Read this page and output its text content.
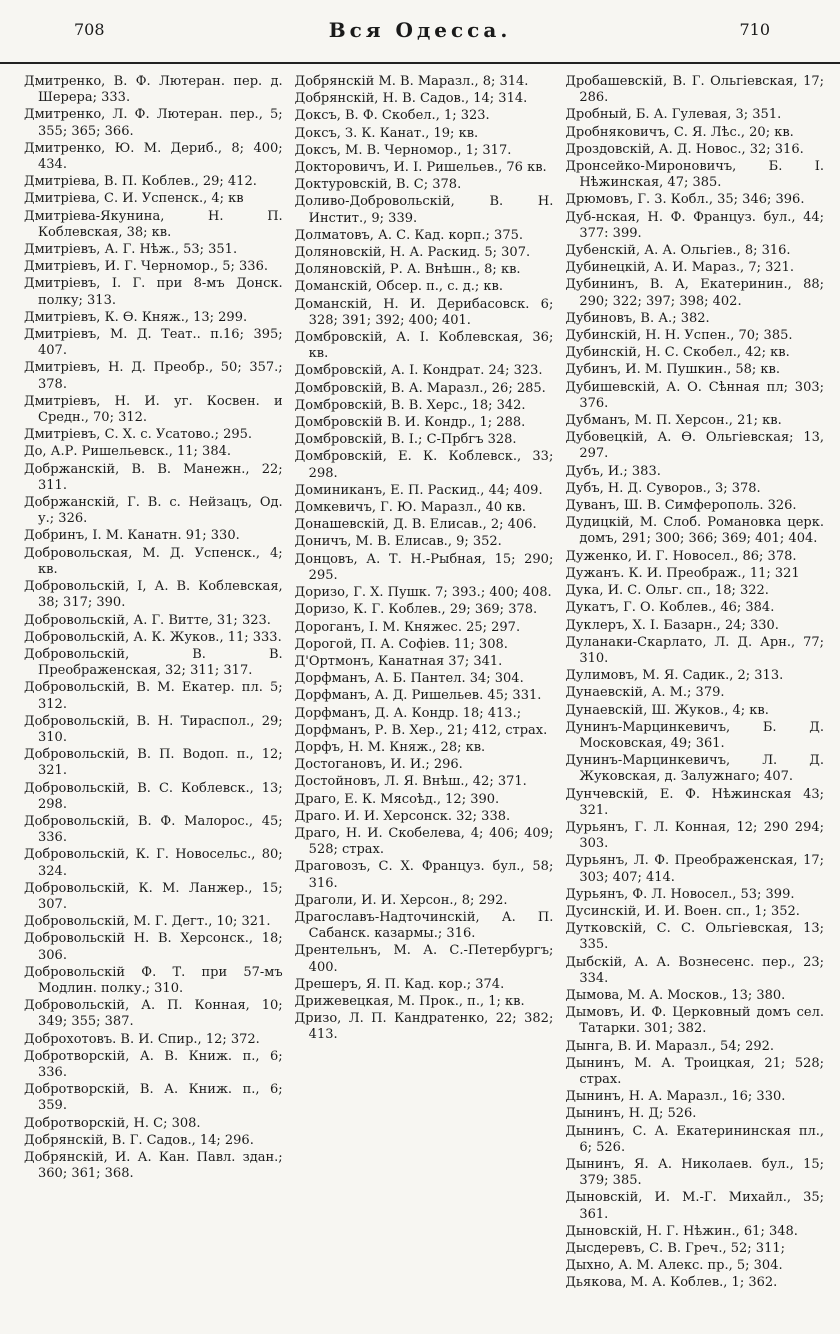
708	Вся Одесса.	710

Дмитренко, В. Ф. Лютеран. пер. д. Шерера; 333.

Дмитренко, Л. Ф. Лютеран. пер., 5; 355; 365; 366.

Дмитренко, Ю. М. Дериб., 8; 400; 434.

Дмитріева, В. П. Коблев., 29; 412.

Дмитріева, С. И. Успенск., 4; кв

Дмитріева-Якунина, Н. П. Коблевская, 38; кв.

Дмитріевъ, А. Г. Нѣж., 53; 351.

Дмитріевъ, И. Г. Черномор., 5; 336.

Дмитріевъ, I. Г. при 8-мъ Донск. полку; 313.

Дмитріевъ, К. Ѳ. Княж., 13; 299.

Дмитріевъ, М. Д. Теат.. п.16; 395; 407.

Дмитріевъ, Н. Д. Преобр., 50; 357.; 378.

Дмитріевъ, Н. И. уг. Косвен. и Средн., 70; 312.

Дмитріевъ, С. Х. с. Усатово.; 295.

До, А.Р. Ришельевск., 11; 384.

Добржанскій, В. В. Манежн., 22; 311.

Добржанскій, Г. В. с. Нейзацъ, Од. у.; 326.

Добринъ, I. М. Канатн. 91; 330.

Добровольская, М. Д. Успенск., 4; кв.

Добровольскій, I, А. В. Коблевская, 38; 317; 390.

Добровольскій, А. Г. Витте, 31; 323.

Добровольскій, А. К. Жуков., 11; 333.

Добровольскій, В. В. Преображенская, 32; 311; 317.

Добровольскій, В. М. Екатер. пл. 5; 312.

Добровольскій, В. Н. Тираспол., 29; 310.

Добровольскій, В. П. Водоп. п., 12; 321.

Добровольскій, В. С. Коблевск., 13; 298.

Добровольскій, В. Ф. Малорос., 45; 336.

Добровольскій, К. Г. Новосельс., 80; 324.

Добровольскій, К. М. Ланжер., 15; 307.

Добровольскій, М. Г. Дегт., 10; 321.

Добровольскій Н. В. Херсонск., 18; 306.

Добровольскій Ф. Т. при 57-мъ Модлин. полку.; 310.

Добровольскій, А. П. Конная, 10; 349; 355; 387.

Доброхотовъ. В. И. Спир., 12; 372.

Добротворскій, А. В. Книж. п., 6; 336.

Добротворскій, В. А. Книж. п., 6; 359.

Добротворскій, Н. С; 308.

Добрянскій, В. Г. Садов., 14; 296.

Добрянскій, И. А. Кан. Павл. здан.; 360; 361; 368.

Добрянскій М. В. Маразл., 8; 314.

Добрянскій, Н. В. Садов., 14; 314.

Доксъ, В. Ф. Скобел., 1; 323.

Доксъ, З. К. Канат., 19; кв.

Доксъ, М. В. Черномор., 1; 317.

Докторовичъ, И. I. Ришельев., 76 кв.

Доктуровскій, В. С; 378.

Доливо-Добровольскій, В. Н. Инстит., 9; 339.

Долматовъ, А. С. Кад. корп.; 375.

Доляновскій, Н. А. Раскид. 5; 307.

Доляновскій, Р. А. Внѣшн., 8; кв.

Доманскій, Обсер. п., с. д.; кв.

Доманскій, Н. И. Дерибасовск. 6; 328; 391; 392; 400; 401.

Домбровскій, А. I. Коблевская, 36; кв.

Домбровскій, А. I. Кондрат. 24; 323.

Домбровскій, В. А. Маразл., 26; 285.

Домбровскій, В. В. Херс., 18; 342.

Домбровскій В. И. Кондр., 1; 288.

Домбровскій, В. I.; С-Прбгъ 328.

Домбровскій, Е. К. Коблевск., 33; 298.

Доминиканъ, Е. П. Раскид., 44; 409.

Домкевичъ, Г. Ю. Маразл., 40 кв.

Донашевскій, Д. В. Елисав., 2; 406.

Доничъ, М. В. Елисав., 9; 352.

Донцовъ, А. Т. Н.-Рыбная, 15; 290; 295.

Доризо, Г. Х. Пушк. 7; 393.; 400; 408.

Доризо, К. Г. Коблев., 29; 369; 378.

Дороганъ, I. М. Княжес. 25; 297.

Дорогой, П. А. Софіев. 11; 308.

Д'Ортмонъ, Канатная 37; 341.

Дорфманъ, А. Б. Пантел. 34; 304.

Дорфманъ, А. Д. Ришельев. 45; 331.

Дорфманъ, Д. А. Кондр. 18; 413.;

Дорфманъ, Р. В. Хер., 21; 412, страх.

Дорфъ, Н. М. Княж., 28; кв.

Достогановъ, И. И.; 296.

Достойновъ, Л. Я. Внѣш., 42; 371.

Драго, Е. К. Мясоѣд., 12; 390.

Драго. И. И. Херсонск. 32; 338.

Драго, Н. И. Скобелева, 4; 406; 409; 528; страх.

Драговозъ, С. Х. Француз. бул., 58; 316.

Драголи, И. И. Херсон., 8; 292.

Драгославъ-Надточинскій, А. П. Сабанск. казармы.; 316.

Дрентельнъ, М. А. С.-Петербургъ; 400.

Дрешеръ, Я. П. Кад. кор.; 374.

Дрижевецкая, М. Прок., п., 1; кв.

Дризо, Л. П. Кандратенко, 22; 382; 413.

Дробашевскій, В. Г. Ольгіевская, 17; 286.

Дробный, Б. А. Гулевая, 3; 351.

Дробняковичъ, С. Я. Лѣс., 20; кв.

Дроздовскій, А. Д. Новос., 32; 316.

Дронсейко-Мироновичъ, Б. I. Нѣжинская, 47; 385.

Дрюмовъ, Г. 3. Кобл., 35; 346; 396.

Дуб-нская, Н. Ф. Француз. бул., 44; 377: 399.

Дубенскій, А. А. Ольгіев., 8; 316.

Дубинецкій, А. И. Мараз., 7; 321.

Дубининъ, В. А, Екатеринин., 88; 290; 322; 397; 398; 402.

Дубиновъ, В. А.; 382.

Дубинскій, Н. Н. Успен., 70; 385.

Дубинскій, Н. С. Скобел., 42; кв.

Дубинъ, И. М. Пушкин., 58; кв.

Дубишевскій, А. О. Сѣнная пл; 303; 376.

Дубманъ, М. П. Херсон., 21; кв.

Дубовецкій, А. Ѳ. Ольгіевская; 13, 297.

Дубъ, И.; 383.

Дубъ, Н. Д. Суворов., 3; 378.

Дуванъ, Ш. В. Симферополь. 326.

Дудицкій, М. Слоб. Романовка церк. домъ, 291; 300; 366; 369; 401; 404.

Дуженко, И. Г. Новосел., 86; 378.

Дужанъ. К. И. Преображ., 11; 321

Дука, И. С. Ольг. сп., 18; 322.

Дукатъ, Г. О. Коблев., 46; 384.

Дуклеръ, Х. I. Базарн., 24; 330.

Дуланаки-Скарлато, Л. Д. Арн., 77; 310.

Дулимовъ, М. Я. Садик., 2; 313.

Дунаевскій, А. М.; 379.

Дунаевскій, Ш. Жуков., 4; кв.

Дунинъ-Марцинкевичъ, Б. Д. Московская, 49; 361.

Дунинъ-Марцинкевичъ, Л. Д. Жуковская, д. Залужнаго; 407.

Дунчевскій, Е. Ф. Нѣжинская 43; 321.

Дурьянъ, Г. Л. Конная, 12; 290 294; 303.

Дурьянъ, Л. Ф. Преображенская, 17; 303; 407; 414.

Дурьянъ, Ф. Л. Новосел., 53; 399.

Дусинскій, И. И. Воен. сп., 1; 352.

Дутковскій, С. С. Ольгіевская, 13; 335.

Дыбскій, А. А. Вознесенс. пер., 23; 334.

Дымова, М. А. Москов., 13; 380.

Дымовъ, И. Ф. Церковный домъ сел. Татарки. 301; 382.

Дынга, В. И. Маразл., 54; 292.

Дынинъ, М. А. Троицкая, 21; 528; страх.

Дынинъ, Н. А. Маразл., 16; 330.

Дынинъ, Н. Д; 526.

Дынинъ, С. А. Екатерининская пл., 6; 526.

Дынинъ, Я. А. Николаев. бул., 15; 379; 385.

Дыновскій, И. М.-Г. Михайл., 35; 361.

Дыновскій, Н. Г. Нѣжин., 61; 348.

Дысдеревъ, С. В. Греч., 52; 311;

Дыхно, А. М. Алекс. пр., 5; 304.

Дьякова, М. А. Коблев., 1; 362.
